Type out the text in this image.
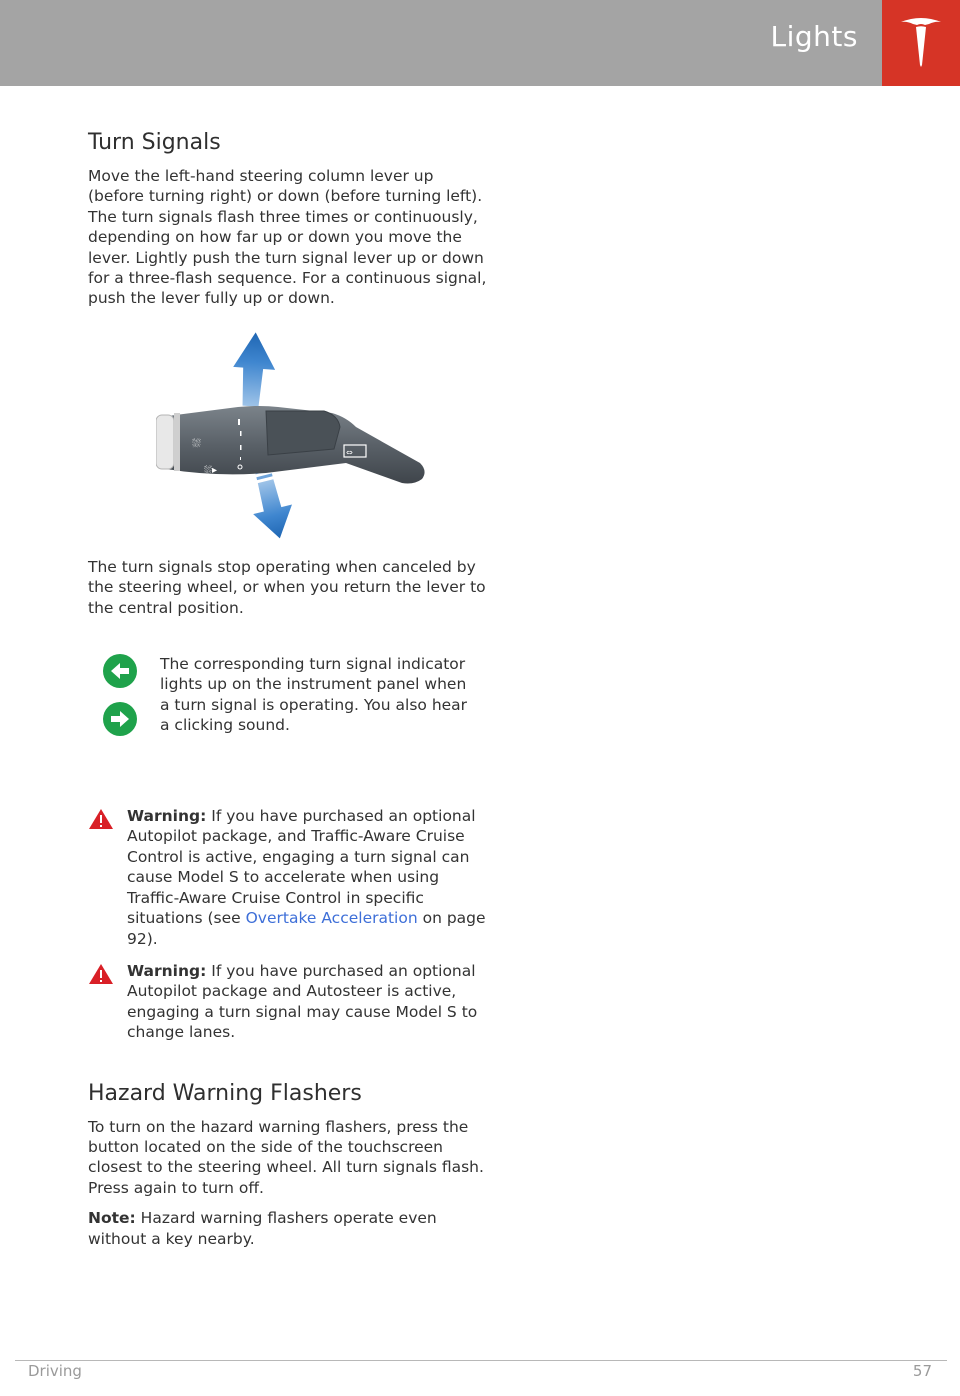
Lights
Turn Signals

Move the left-hand steering column lever up (before turning right) or down (before turning left). The turn signals flash three times or continuously, depending on how far up or down you move the lever. Lightly push the turn signal lever up or down for a three-flash sequence. For a continuous signal, push the lever fully up or down.

⛆
⛆▸
⇔

The turn signals stop operating when canceled by the steering wheel, or when you return the lever to the central position.

The corresponding turn signal indicator lights up on the instrument panel when a turn signal is operating. You also hear a clicking sound.

Warning: If you have purchased an optional Autopilot package, and Traffic-Aware Cruise Control is active, engaging a turn signal can cause Model S to accelerate when using Traffic-Aware Cruise Control in specific situations (see Overtake Acceleration on page 92).

Warning: If you have purchased an optional Autopilot package and Autosteer is active, engaging a turn signal may cause Model S to change lanes.

Hazard Warning Flashers

To turn on the hazard warning flashers, press the button located on the side of the touchscreen closest to the steering wheel. All turn signals flash. Press again to turn off.

Note: Hazard warning flashers operate even without a key nearby.

Driving	57
